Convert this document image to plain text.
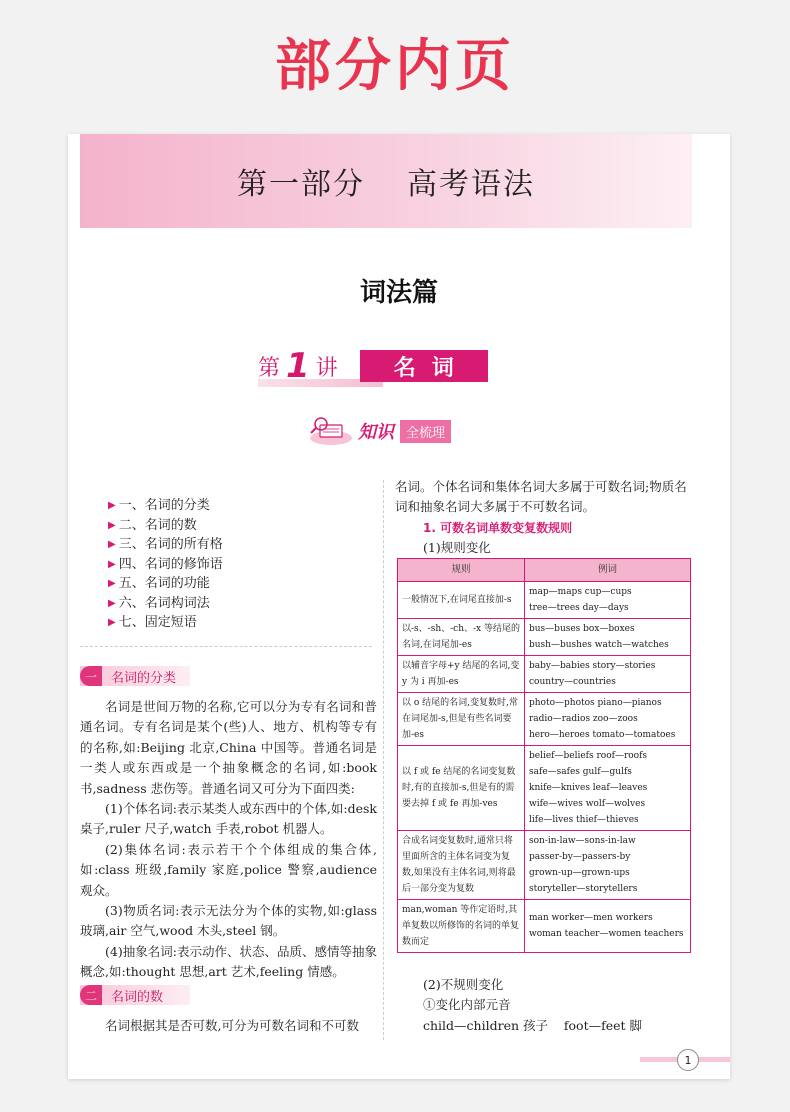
部分内页
第一部分 高考语法
词法篇
第 1 讲	名词
知识 全梳理
▶ 一、名词的分类
▶ 二、名词的数
▶ 三、名词的所有格
▶ 四、名词的修饰语
▶ 五、名词的功能
▶ 六、名词构词法
▶ 七、固定短语
一	名词的分类

名词是世间万物的名称,它可以分为专有名词和普通名词。专有名词是某个(些)人、地方、机构等专有的名称,如:Beijing 北京,China 中国等。普通名词是一类人或东西或是一个抽象概念的名词,如:book 书,sadness 悲伤等。普通名词又可分为下面四类:

(1)个体名词:表示某类人或东西中的个体,如:desk 桌子,ruler 尺子,watch 手表,robot 机器人。

(2)集体名词:表示若干个个体组成的集合体,如:class 班级,family 家庭,police 警察,audience 观众。

(3)物质名词:表示无法分为个体的实物,如:glass 玻璃,air 空气,wood 木头,steel 钢。

(4)抽象名词:表示动作、状态、品质、感情等抽象概念,如:thought 思想,art 艺术,feeling 情感。

二	名词的数

名词根据其是否可数,可分为可数名词和不可数

名词。个体名词和集体名词大多属于可数名词;物质名词和抽象名词大多属于不可数名词。

1. 可数名词单数变复数规则

(1)规则变化

规则	例词
一般情况下,在词尾直接加-s	map—maps cup—cups
tree—trees day—days

以-s、-sh、-ch、-x 等结尾的名词,在词尾加-es	bus—buses box—boxes
bush—bushes watch—watches

以辅音字母+y 结尾的名词,变 y 为 i 再加-es	baby—babies story—stories
country—countries

以 o 结尾的名词,变复数时,常在词尾加-s,但是有些名词要加-es	photo—photos piano—pianos
radio—radios zoo—zoos
hero—heroes tomato—tomatoes

以 f 或 fe 结尾的名词变复数时,有的直接加-s,但是有的需要去掉 f 或 fe 再加-ves	belief—beliefs roof—roofs
safe—safes gulf—gulfs
knife—knives leaf—leaves
wife—wives wolf—wolves
life—lives thief—thieves

合成名词变复数时,通常只将里面所含的主体名词变为复数,如果没有主体名词,则将最后一部分变为复数	son-in-law—sons-in-law
passer-by—passers-by
grown-up—grown-ups
storyteller—storytellers

man,woman 等作定语时,其单复数以所修饰的名词的单复数而定	man worker—men workers
woman teacher—women teachers

(2)不规则变化

①变化内部元音

child—children 孩子    foot—feet 脚

1
